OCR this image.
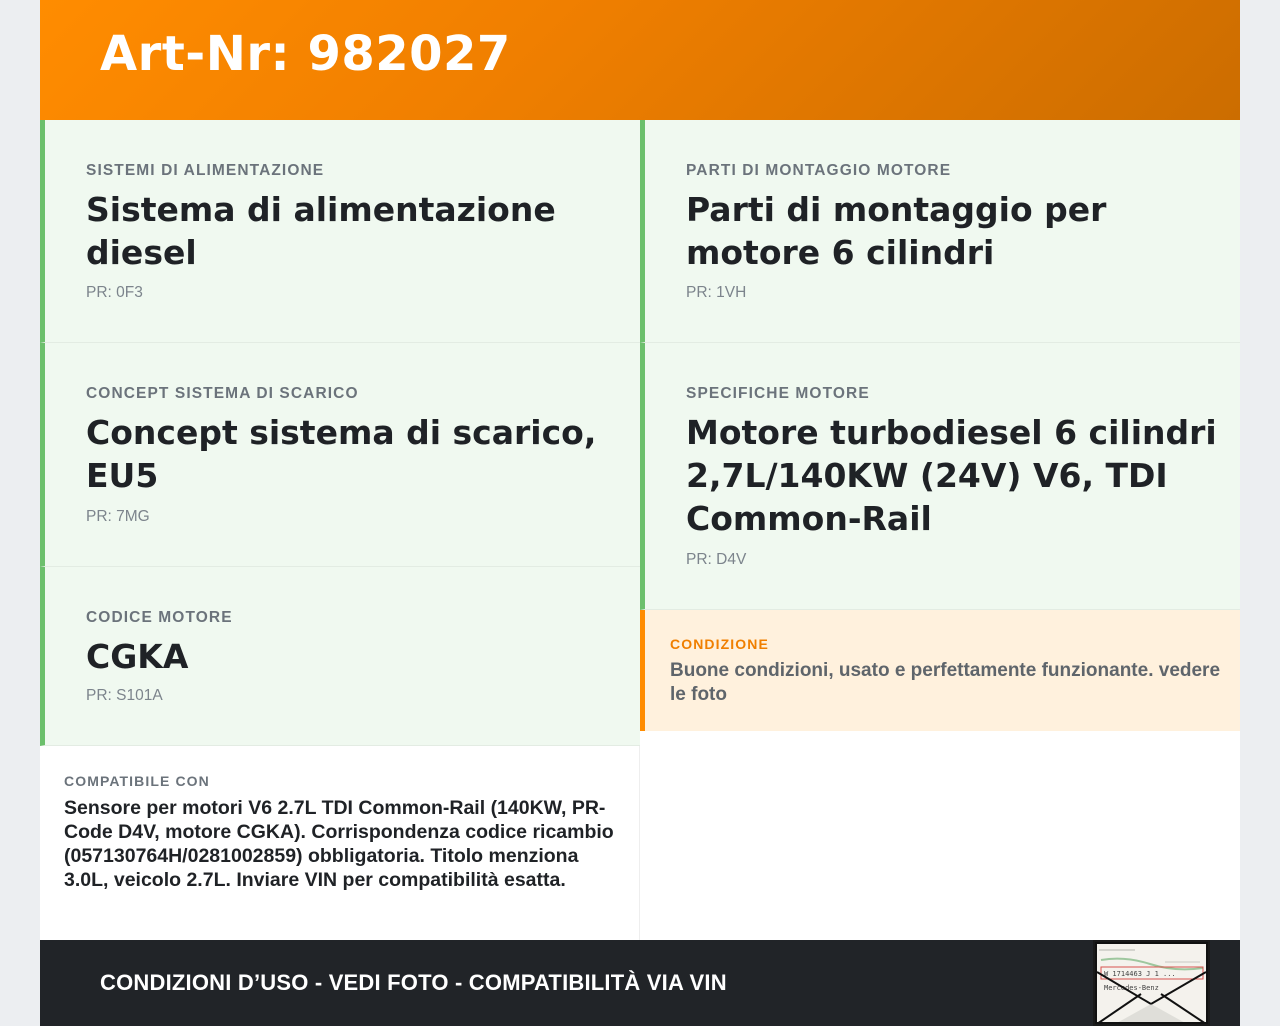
Art-Nr: 982027
SISTEMI DI ALIMENTAZIONE
Sistema di alimentazione diesel
PR: 0F3
PARTI DI MONTAGGIO MOTORE
Parti di montaggio per motore 6 cilindri
PR: 1VH
CONCEPT SISTEMA DI SCARICO
Concept sistema di scarico, EU5
PR: 7MG
SPECIFICHE MOTORE
Motore turbodiesel 6 cilindri 2,7L/140KW (24V) V6, TDI Common-Rail
PR: D4V
CODICE MOTORE
CGKA
PR: S101A
CONDIZIONE
Buone condizioni, usato e perfettamente funzionante. vedere le foto
COMPATIBILE CON
Sensore per motori V6 2.7L TDI Common-Rail (140KW, PR-Code D4V, motore CGKA). Corrispondenza codice ricambio (057130764H/0281002859) obbligatoria. Titolo menziona 3.0L, veicolo 2.7L. Inviare VIN per compatibilità esatta.
CONDIZIONI D’USO - VEDI FOTO - COMPATIBILITÀ VIA VIN	W 1714463 J 1 ...
Mercedes-Benz
